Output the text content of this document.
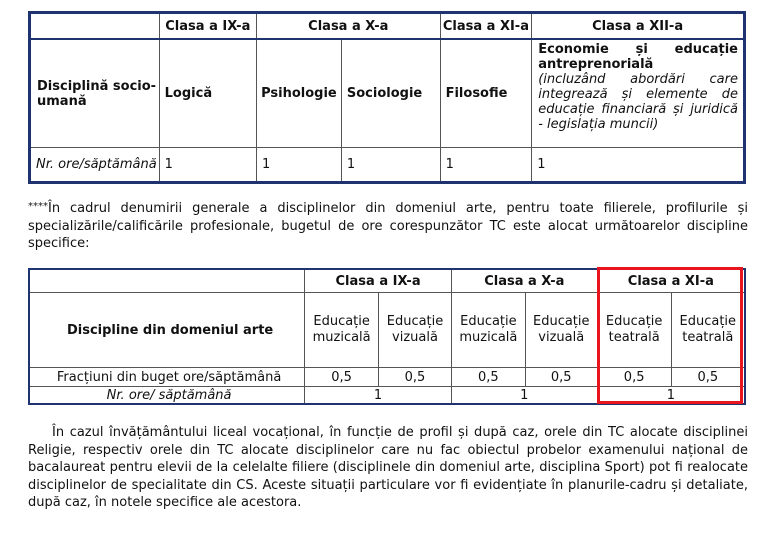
	Clasa a IX-a	Clasa a X-a		Clasa a XI-a	Clasa a XII-a
Disciplină socio-umană	Logică	Psihologie	Sociologie	Filosofie	Economie și educație antreprenorială
(incluzând abordări care integrează și elemente de educație financiară și juridică - legislația muncii)

Nr. ore/săptămână	1	1	1	1	1
****În cadrul denumirii generale a disciplinelor din domeniul arte, pentru toate filierele, profilurile și specializările/calificările profesionale, bugetul de ore corespunzător TC este alocat următoarelor discipline specifice:
	Clasa a IX-a		Clasa a X-a		Clasa a XI-a	
Discipline din domeniul arte	Educație muzicală	Educație vizuală	Educație muzicală	Educație vizuală	Educație teatrală	Educație teatrală
Fracțiuni din buget ore/săptămână	0,5	0,5	0,5	0,5	0,5	0,5
Nr. ore/ săptămână	1		1		1	
În cazul învățământului liceal vocațional, în funcție de profil și după caz, orele din TC alocate disciplinei Religie, respectiv orele din TC alocate disciplinelor care nu fac obiectul probelor examenului național de bacalaureat pentru elevii de la celelalte filiere (disciplinele din domeniul arte, disciplina Sport) pot fi realocate disciplinelor de specialitate din CS. Aceste situații particulare vor fi evidențiate în planurile-cadru și detaliate, după caz, în notele specifice ale acestora.
